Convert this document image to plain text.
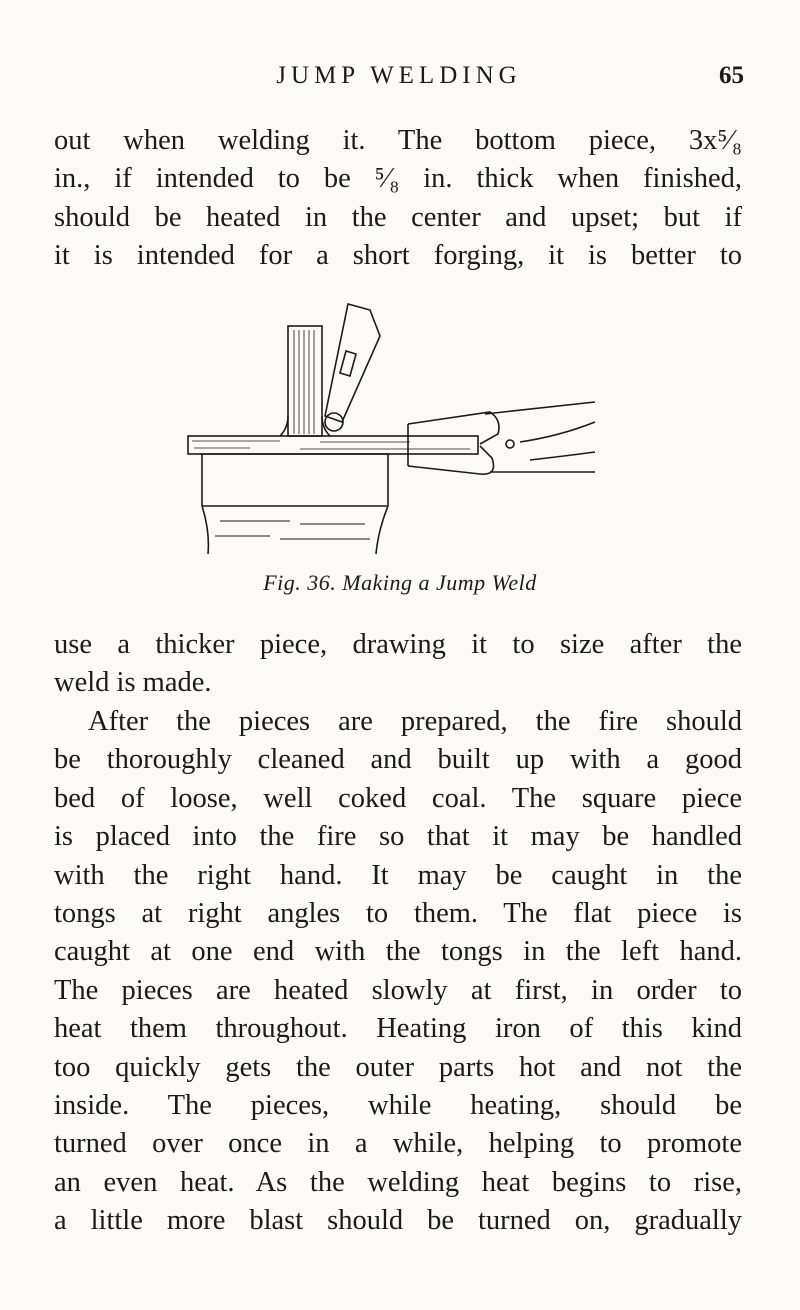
JUMP WELDING	65
out when welding it. The bottom piece, 3x⁵⁄₈
in., if intended to be ⁵⁄₈ in. thick when finished,
should be heated in the center and upset; but if
it is intended for a short forging, it is better to
Fig. 36. Making a Jump Weld
use a thicker piece, drawing it to size after the
weld is made.
After the pieces are prepared, the fire should
be thoroughly cleaned and built up with a good
bed of loose, well coked coal. The square piece
is placed into the fire so that it may be handled
with the right hand. It may be caught in the
tongs at right angles to them. The flat piece is
caught at one end with the tongs in the left hand.
The pieces are heated slowly at first, in order to
heat them throughout. Heating iron of this kind
too quickly gets the outer parts hot and not the
inside. The pieces, while heating, should be
turned over once in a while, helping to promote
an even heat. As the welding heat begins to rise,
a little more blast should be turned on, gradually
